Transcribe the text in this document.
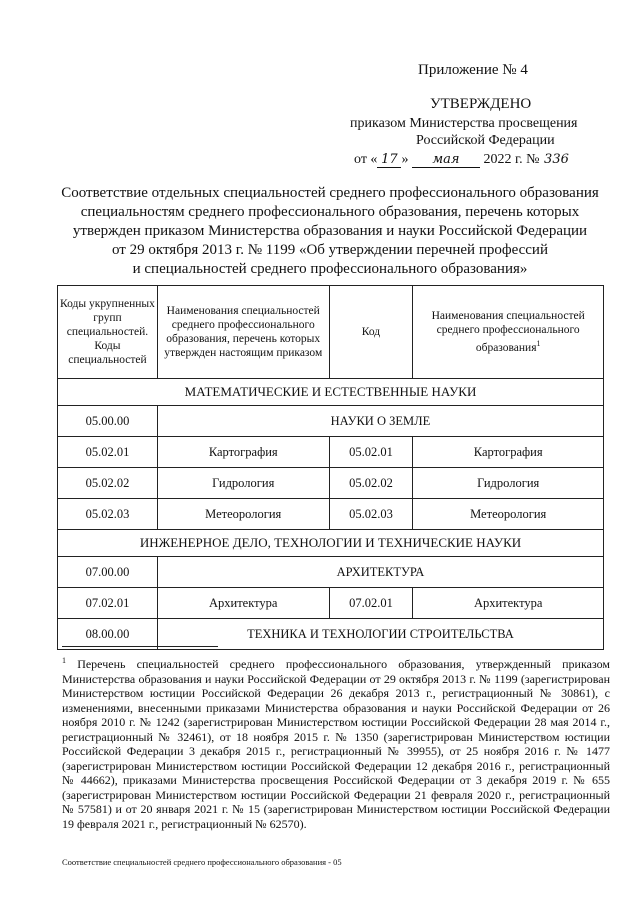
Приложение № 4
УТВЕРЖДЕНО
приказом Министерства просвещения
Российской Федерации
от « 17 » мая 2022 г. № 336
Соответствие отдельных специальностей среднего профессионального образования
специальностям среднего профессионального образования, перечень которых
утвержден приказом Министерства образования и науки Российской Федерации
от 29 октября 2013 г. № 1199 «Об утверждении перечней профессий
и специальностей среднего профессионального образования»
Коды укрупненных групп специальностей. Коды специальностей	Наименования специальностей среднего профессионального образования, перечень которых утвержден настоящим приказом	Код	Наименования специальностей среднего профессионального образования$^1$
МАТЕМАТИЧЕСКИЕ И ЕСТЕСТВЕННЫЕ НАУКИ			
05.00.00	НАУКИ О ЗЕМЛЕ		
05.02.01	Картография	05.02.01	Картография
05.02.02	Гидрология	05.02.02	Гидрология
05.02.03	Метеорология	05.02.03	Метеорология
ИНЖЕНЕРНОЕ ДЕЛО, ТЕХНОЛОГИИ И ТЕХНИЧЕСКИЕ НАУКИ			
07.00.00	АРХИТЕКТУРА		
07.02.01	Архитектура	07.02.01	Архитектура
08.00.00	ТЕХНИКА И ТЕХНОЛОГИИ СТРОИТЕЛЬСТВА		
$^1$ Перечень специальностей среднего профессионального образования, утвержденный приказом Министерства образования и науки Российской Федерации от 29 октября 2013 г. № 1199 (зарегистрирован Министерством юстиции Российской Федерации 26 декабря 2013 г., регистрационный № 30861), с изменениями, внесенными приказами Министерства образования и науки Российской Федерации от 26 ноября 2010 г. № 1242 (зарегистрирован Министерством юстиции Российской Федерации 28 мая 2014 г., регистрационный № 32461), от 18 ноября 2015 г. № 1350 (зарегистрирован Министерством юстиции Российской Федерации 3 декабря 2015 г., регистрационный № 39955), от 25 ноября 2016 г. № 1477 (зарегистрирован Министерством юстиции Российской Федерации 12 декабря 2016 г., регистрационный № 44662), приказами Министерства просвещения Российской Федерации от 3 декабря 2019 г. № 655 (зарегистрирован Министерством юстиции Российской Федерации 21 февраля 2020 г., регистрационный № 57581) и от 20 января 2021 г. № 15 (зарегистрирован Министерством юстиции Российской Федерации 19 февраля 2021 г., регистрационный № 62570).
Соответствие специальностей среднего профессионального образования - 05
